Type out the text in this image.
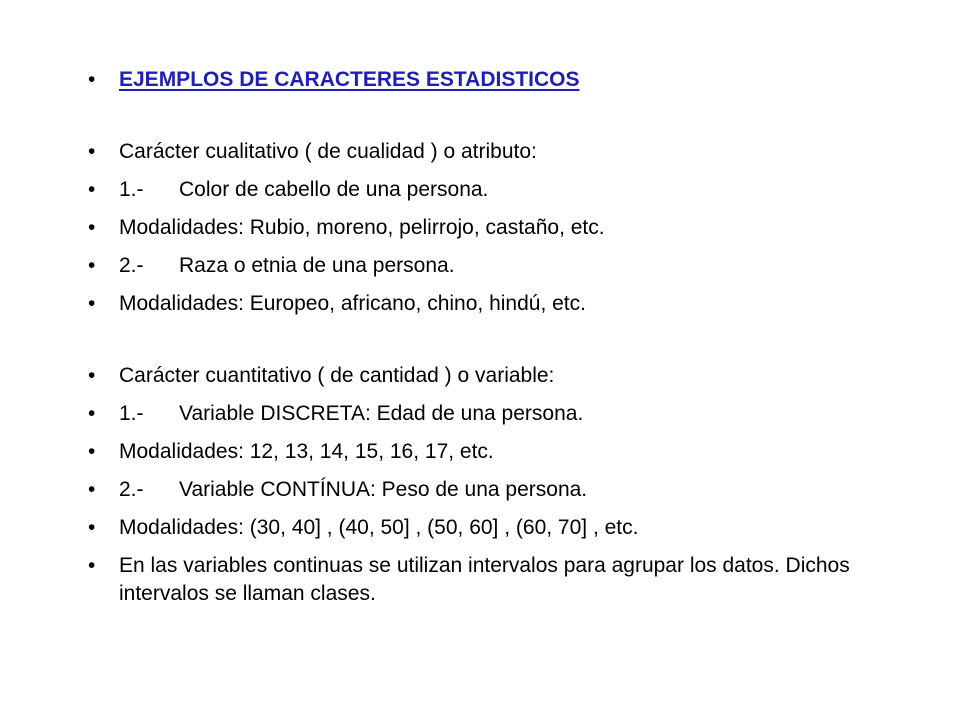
• EJEMPLOS DE CARACTERES ESTADISTICOS
• Carácter cualitativo ( de cualidad ) o atributo:
• 1.- Color de cabello de una persona.
• Modalidades: Rubio, moreno, pelirrojo, castaño, etc.
• 2.- Raza o etnia de una persona.
• Modalidades: Europeo, africano, chino, hindú, etc.
• Carácter cuantitativo ( de cantidad ) o variable:
• 1.- Variable DISCRETA: Edad de una persona.
• Modalidades: 12, 13, 14, 15, 16, 17, etc.
• 2.- Variable CONTÍNUA: Peso de una persona.
• Modalidades: (30, 40] , (40, 50] , (50, 60] , (60, 70] , etc.
• En las variables continuas se utilizan intervalos para agrupar los datos. Dichos intervalos se llaman clases.
